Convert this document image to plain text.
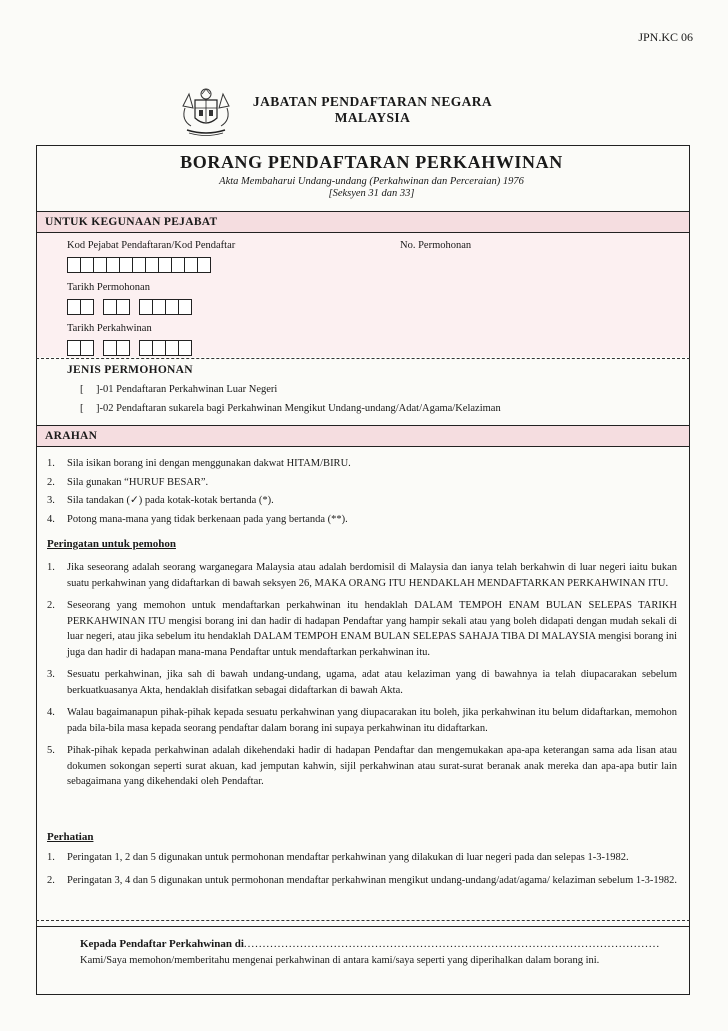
JPN.KC 06
JABATAN PENDAFTARAN NEGARA
MALAYSIA
BORANG PENDAFTARAN PERKAHWINAN
Akta Membaharui Undang-undang (Perkahwinan dan Perceraian) 1976
[Seksyen 31 dan 33]
UNTUK KEGUNAAN PEJABAT
Kod Pejabat Pendaftaran/Kod Pendaftar	No. Permohonan
Tarikh Permohonan
Tarikh Perkahwinan
JENIS PERMOHONAN
[ ]-01 Pendaftaran Perkahwinan Luar Negeri
[ ]-02 Pendaftaran sukarela bagi Perkahwinan Mengikut Undang-undang/Adat/Agama/Kelaziman
ARAHAN
1.	Sila isikan borang ini dengan menggunakan dakwat HITAM/BIRU.
2.	Sila gunakan “HURUF BESAR”.
3.	Sila tandakan (✓) pada kotak-kotak bertanda (*).
4.	Potong mana-mana yang tidak berkenaan pada yang bertanda (**).
Peringatan untuk pemohon
1.	Jika seseorang adalah seorang warganegara Malaysia atau adalah berdomisil di Malaysia dan ianya telah berkahwin di luar negeri iaitu bukan suatu perkahwinan yang didaftarkan di bawah seksyen 26, MAKA ORANG ITU HENDAKLAH MENDAFTARKAN PERKAHWINAN ITU.
2.	Seseorang yang memohon untuk mendaftarkan perkahwinan itu hendaklah DALAM TEMPOH ENAM BULAN SELEPAS TARIKH PERKAHWINAN ITU mengisi borang ini dan hadir di hadapan Pendaftar yang hampir sekali atau yang boleh didapati dengan mudah sekali di luar negeri, atau jika sebelum itu hendaklah DALAM TEMPOH ENAM BULAN SELEPAS SAHAJA TIBA DI MALAYSIA mengisi borang ini juga dan hadir di hadapan mana-mana Pendaftar untuk mendaftarkan perkahwinan itu.
3.	Sesuatu perkahwinan, jika sah di bawah undang-undang, ugama, adat atau kelaziman yang di bawahnya ia telah diupacarakan sebelum berkuatkuasanya Akta, hendaklah disifatkan sebagai didaftarkan di bawah Akta.
4.	Walau bagaimanapun pihak-pihak kepada sesuatu perkahwinan yang diupacarakan itu boleh, jika perkahwinan itu belum didaftarkan, memohon pada bila-bila masa kepada seorang pendaftar dalam borang ini supaya perkahwinan itu didaftarkan.
5.	Pihak-pihak kepada perkahwinan adalah dikehendaki hadir di hadapan Pendaftar dan mengemukakan apa-apa keterangan sama ada lisan atau dokumen sokongan seperti surat akuan, kad jemputan kahwin, sijil perkahwinan atau surat-surat beranak anak mereka dan apa-apa butir lain sebagaimana yang dikehendaki oleh Pendaftar.
Perhatian
1.	Peringatan 1, 2 dan 5 digunakan untuk permohonan mendaftar perkahwinan yang dilakukan di luar negeri pada dan selepas 1-3-1982.
2.	Peringatan 3, 4 dan 5 digunakan untuk permohonan mendaftar perkahwinan mengikut undang-undang/adat/agama/ kelaziman sebelum 1-3-1982.
Kepada Pendaftar Perkahwinan di...............................................................................................................
Kami/Saya memohon/memberitahu mengenai perkahwinan di antara kami/saya seperti yang diperihalkan dalam borang ini.
